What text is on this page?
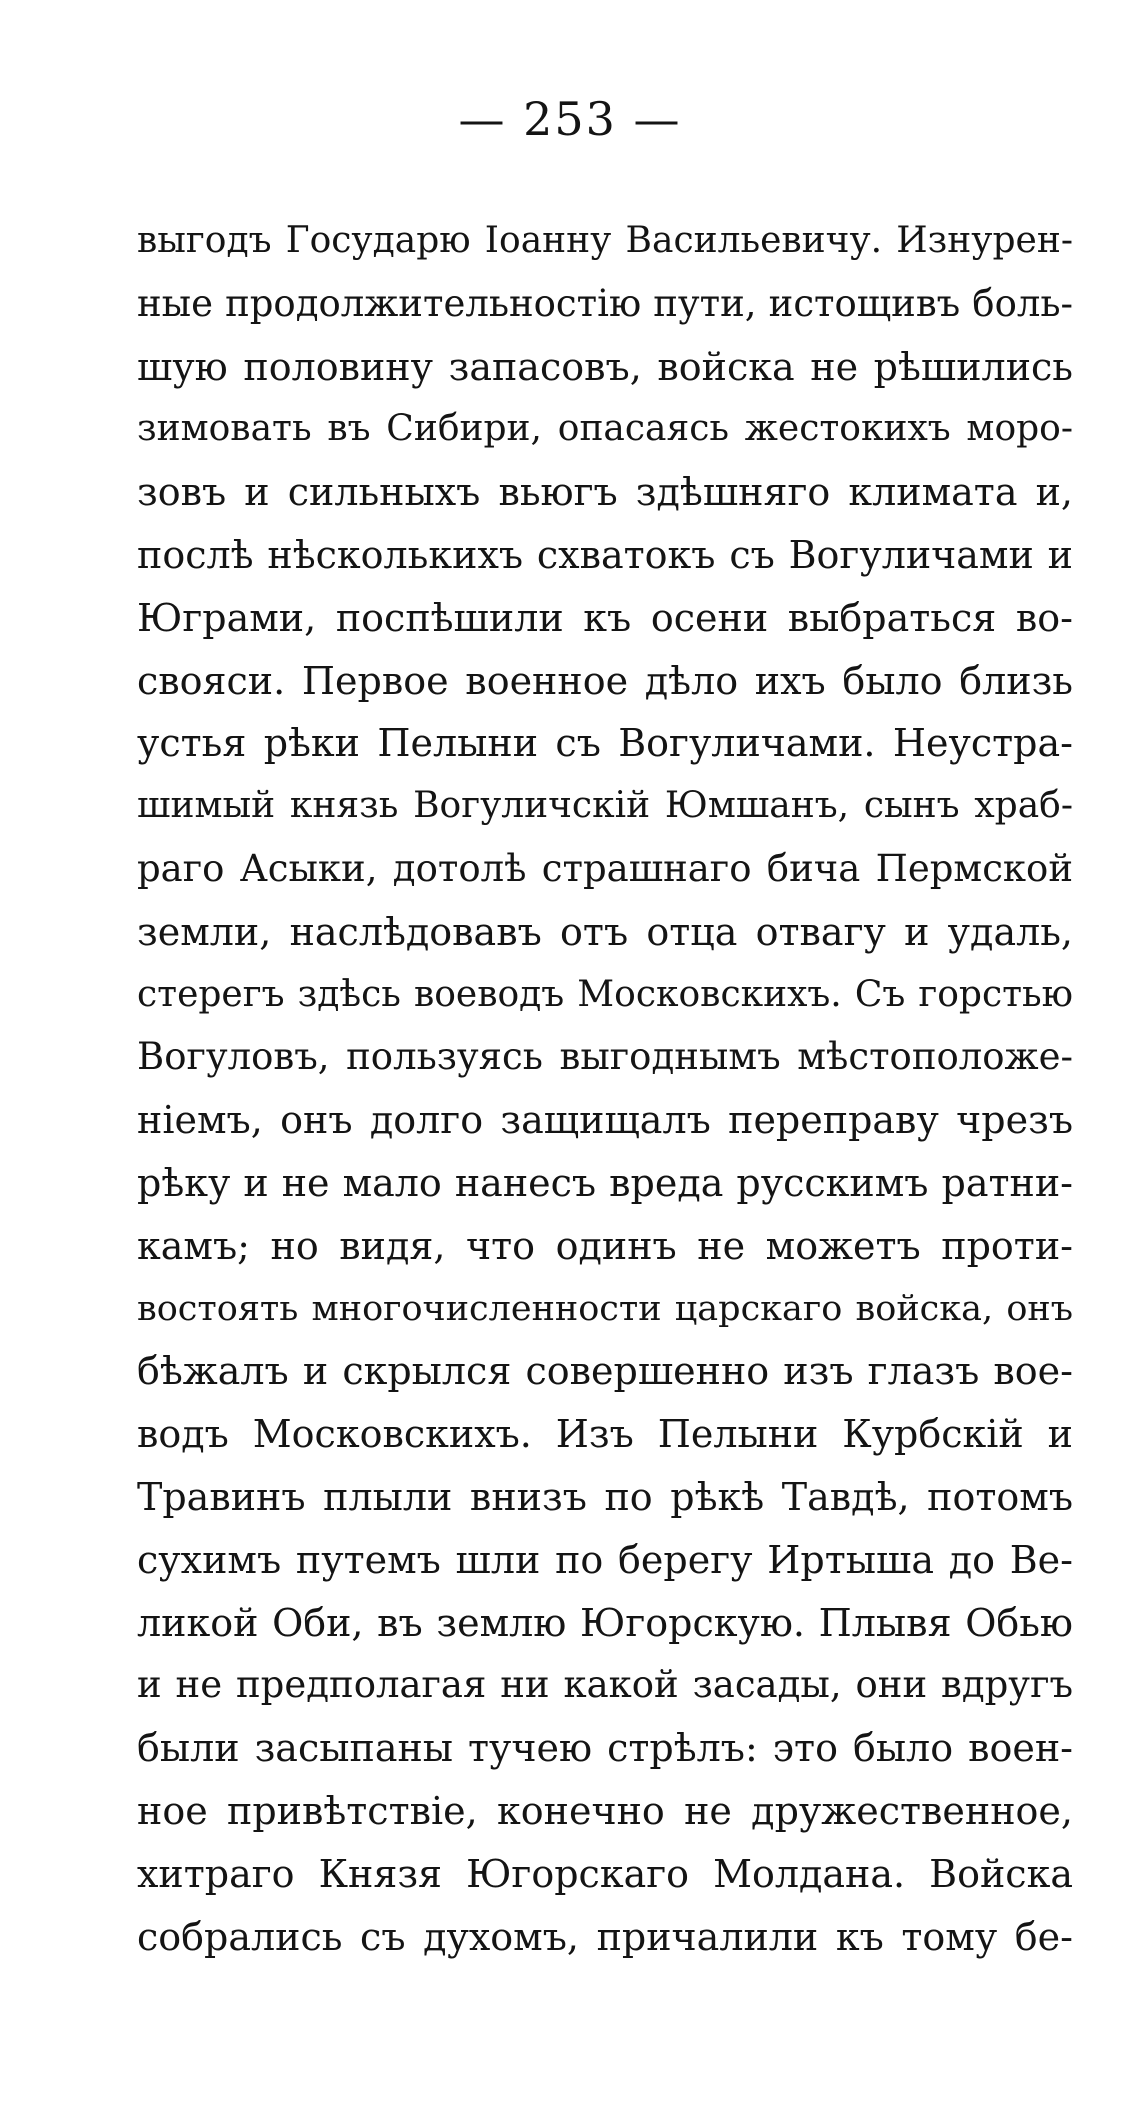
— 253 —
выгодъ Государю Іоанну Васильевичу. Изнурен-
ные продолжительностію пути, истощивъ боль-
шую половину запасовъ, войска не рѣшились
зимовать въ Сибири, опасаясь жестокихъ моро-
зовъ и сильныхъ вьюгъ здѣшняго климата и,
послѣ нѣсколькихъ схватокъ съ Вогуличами и
Юграми, поспѣшили къ осени выбраться во-
свояси. Первое военное дѣло ихъ было близь
устья рѣки Пелыни съ Вогуличами. Неустра-
шимый князь Вогуличскій Юмшанъ, сынъ храб-
раго Асыки, дотолѣ страшнаго бича Пермской
земли, наслѣдовавъ отъ отца отвагу и удаль,
стерегъ здѣсь воеводъ Московскихъ. Съ горстью
Вогуловъ, пользуясь выгоднымъ мѣстоположе-
ніемъ, онъ долго защищалъ переправу чрезъ
рѣку и не мало нанесъ вреда русскимъ ратни-
камъ; но видя, что одинъ не можетъ проти-
востоять многочисленности царскаго войска, онъ
бѣжалъ и скрылся совершенно изъ глазъ вое-
водъ Московскихъ. Изъ Пелыни Курбскій и
Травинъ плыли внизъ по рѣкѣ Тавдѣ, потомъ
сухимъ путемъ шли по берегу Иртыша до Ве-
ликой Оби, въ землю Югорскую. Плывя Обью
и не предполагая ни какой засады, они вдругъ
были засыпаны тучею стрѣлъ: это было воен-
ное привѣтствіе, конечно не дружественное,
хитраго Князя Югорскаго Молдана. Войска
собрались съ духомъ, причалили къ тому бе-
